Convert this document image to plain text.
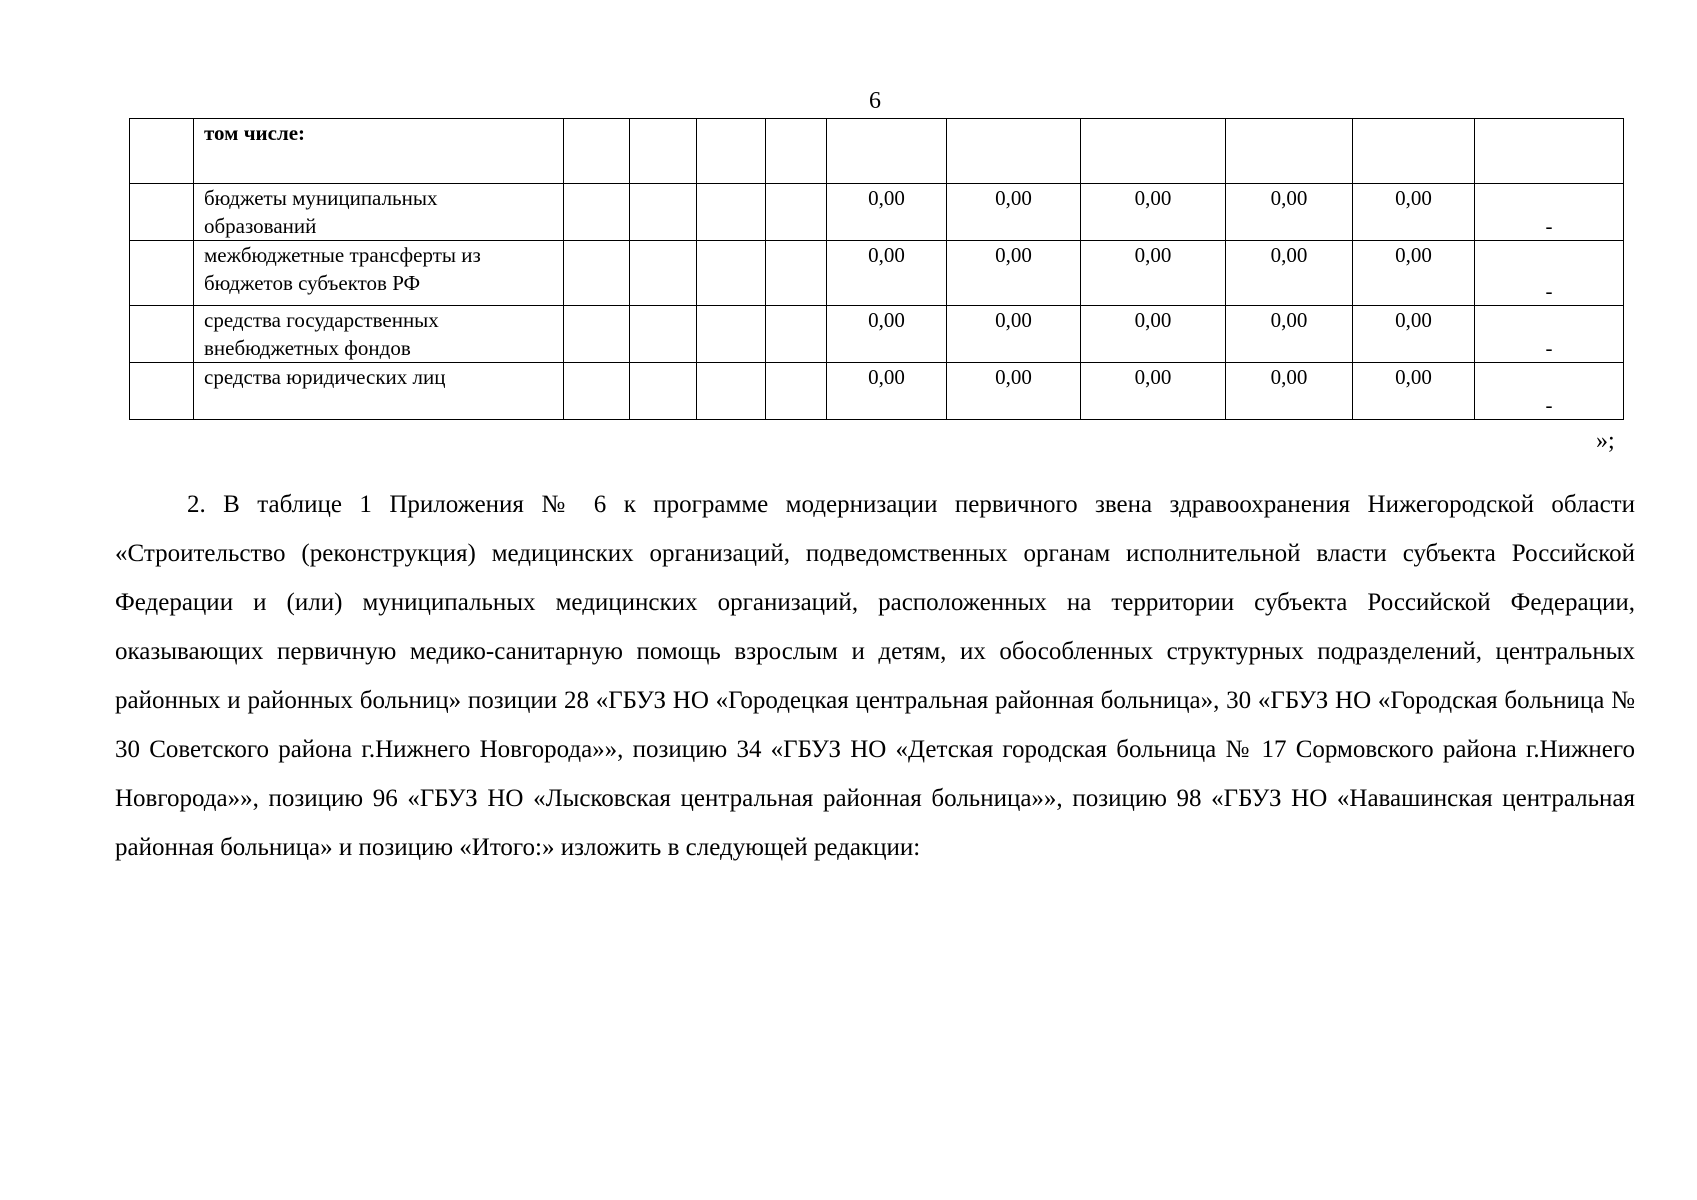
6
	том числе:										
	бюджеты муниципальных образований					0,00	0,00	0,00	0,00	0,00	-
	межбюджетные трансферты из бюджетов субъектов РФ					0,00	0,00	0,00	0,00	0,00	-
	средства государственных внебюджетных фондов					0,00	0,00	0,00	0,00	0,00	-
	средства юридических лиц					0,00	0,00	0,00	0,00	0,00	-
»;

2. В таблице 1 Приложения № 6 к программе модернизации первичного звена здравоохранения Нижегородской области «Строительство (реконструкция) медицинских организаций, подведомственных органам исполнительной власти субъекта Российской Федерации и (или) муниципальных медицинских организаций, расположенных на территории субъекта Российской Федерации, оказывающих первичную медико-санитарную помощь взрослым и детям, их обособленных структурных подразделений, центральных районных и районных больниц» позиции 28 «ГБУЗ НО «Городецкая центральная районная больница», 30 «ГБУЗ НО «Городская больница № 30 Советского района г.Нижнего Новгорода»», позицию 34 «ГБУЗ НО «Детская городская больница № 17 Сормовского района г.Нижнего Новгорода»», позицию 96 «ГБУЗ НО «Лысковская центральная районная больница»», позицию 98 «ГБУЗ НО «Навашинская центральная районная больница» и позицию «Итого:» изложить в следующей редакции:
